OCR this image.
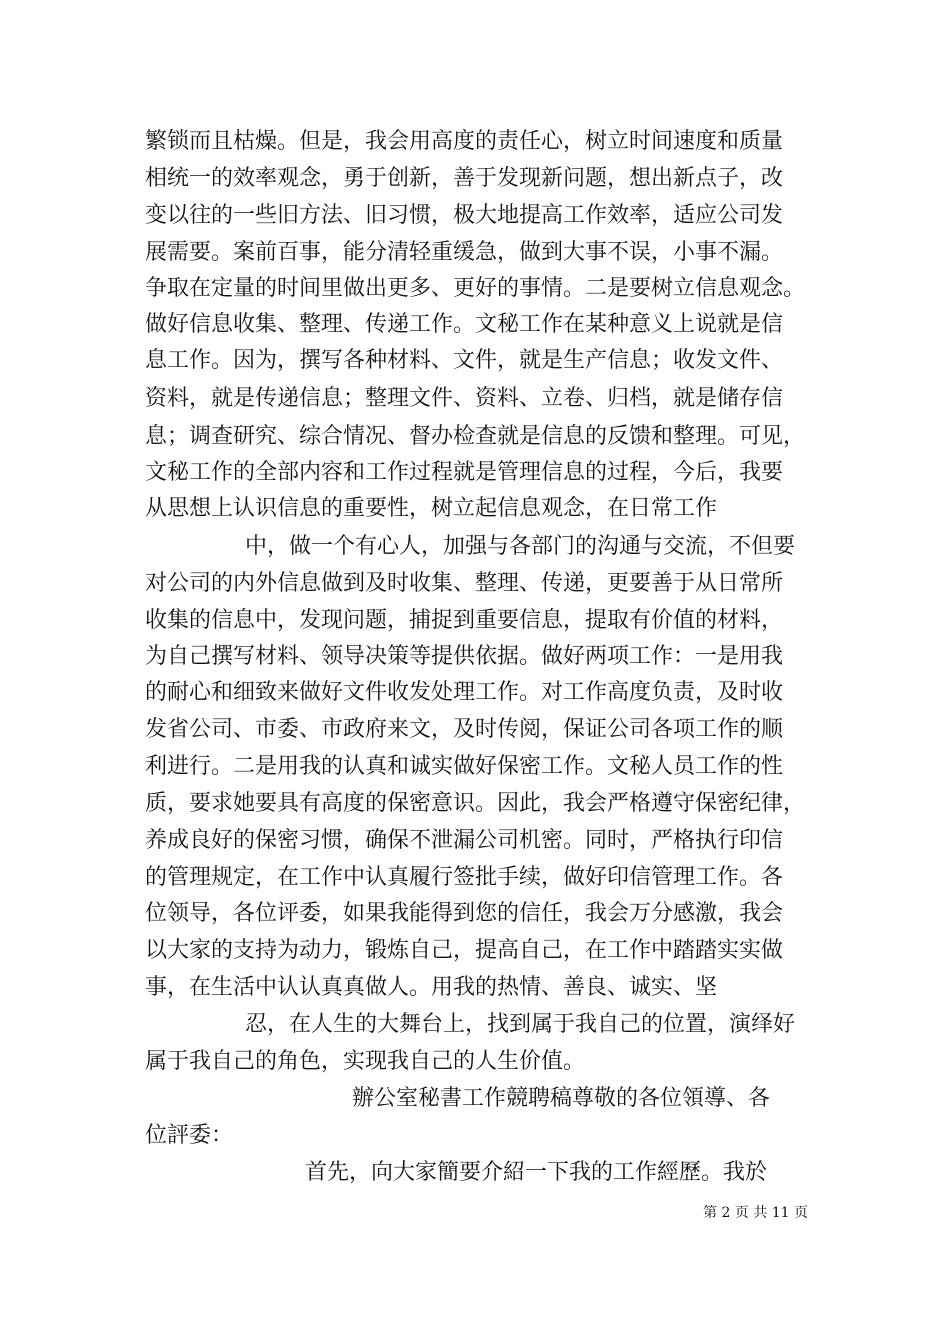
繁锁而且枯燥。但是，我会用高度的责任心，树立时间速度和质量
相统一的效率观念，勇于创新，善于发现新问题，想出新点子，改
变以往的一些旧方法、旧习惯，极大地提高工作效率，适应公司发
展需要。案前百事，能分清轻重缓急，做到大事不误，小事不漏。
争取在定量的时间里做出更多、更好的事情。二是要树立信息观念。
做好信息收集、整理、传递工作。文秘工作在某种意义上说就是信
息工作。因为，撰写各种材料、文件，就是生产信息；收发文件、
资料，就是传递信息；整理文件、资料、立卷、归档，就是储存信
息；调查研究、综合情况、督办检查就是信息的反馈和整理。可见，
文秘工作的全部内容和工作过程就是管理信息的过程，今后，我要
从思想上认识信息的重要性，树立起信息观念，在日常工作
中，做一个有心人，加强与各部门的沟通与交流，不但要
对公司的内外信息做到及时收集、整理、传递，更要善于从日常所
收集的信息中，发现问题，捕捉到重要信息，提取有价值的材料，
为自己撰写材料、领导决策等提供依据。做好两项工作：一是用我
的耐心和细致来做好文件收发处理工作。对工作高度负责，及时收
发省公司、市委、市政府来文，及时传阅，保证公司各项工作的顺
利进行。二是用我的认真和诚实做好保密工作。文秘人员工作的性
质，要求她要具有高度的保密意识。因此，我会严格遵守保密纪律，
养成良好的保密习惯，确保不泄漏公司机密。同时，严格执行印信
的管理规定，在工作中认真履行签批手续，做好印信管理工作。各
位领导，各位评委，如果我能得到您的信任，我会万分感激，我会
以大家的支持为动力，锻炼自己，提高自己，在工作中踏踏实实做
事，在生活中认认真真做人。用我的热情、善良、诚实、坚
忍，在人生的大舞台上，找到属于我自己的位置，演绎好
属于我自己的角色，实现我自己的人生价值。
辦公室秘書工作競聘稿尊敬的各位領導、各
位評委：
首先，向大家簡要介紹一下我的工作經歷。我於
第 2 页 共 11 页
